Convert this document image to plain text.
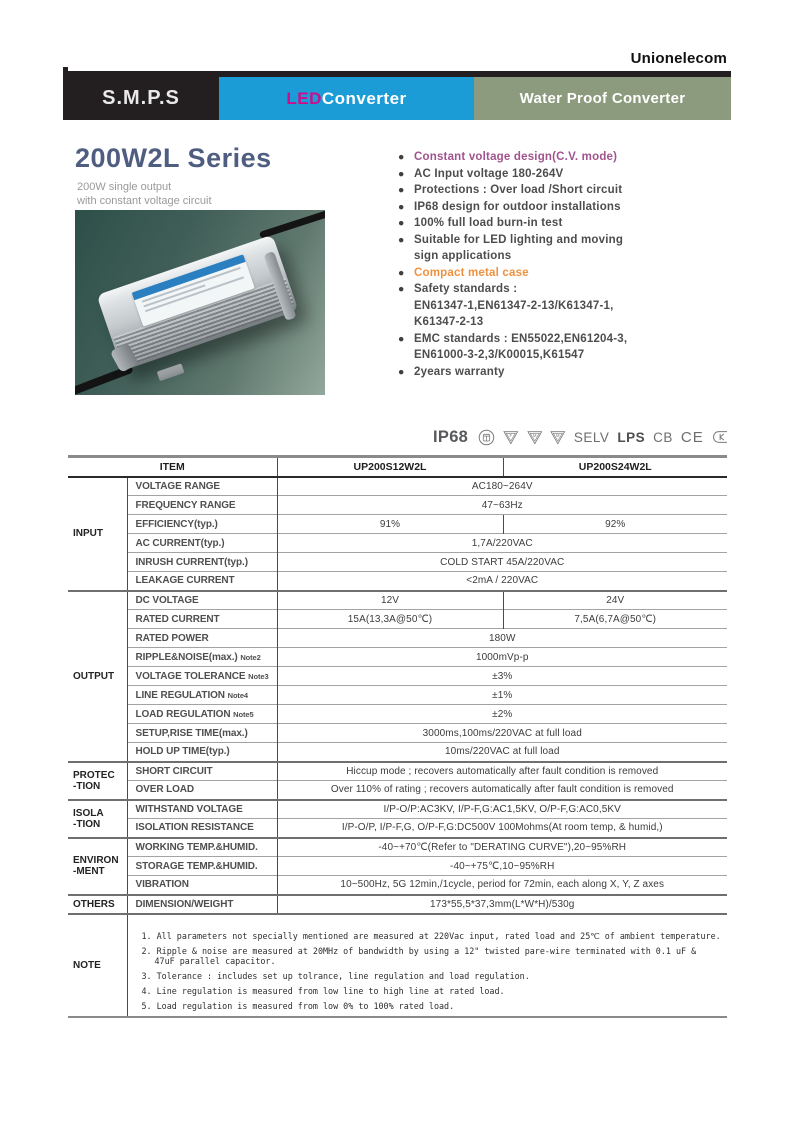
Unionelecom
S.M.P.S	LED Converter	Water Proof Converter
200W2L Series
200W single output
with constant voltage circuit
● Constant voltage design(C.V. mode)
● AC Input voltage 180-264V
● Protections : Over load /Short circuit
● IP68 design for outdoor installations
● 100% full load burn-in test
● Suitable for LED lighting and moving
sign applications
● Compact metal case
● Safety standards :
EN61347-1,EN61347-2-13/K61347-1,
K61347-2-13
● EMC standards : EN55022,EN61204-3,
EN61000-3-2,3/K00015,K61547
● 2years warranty
IP68	F	M	M SELV LPS CB CE
ITEM		UP200S12W2L	UP200S24W2L
INPUT	VOLTAGE RANGE	AC180~264V	
	FREQUENCY RANGE	47~63Hz	
	EFFICIENCY(typ.)	91%	92%
	AC CURRENT(typ.)	1,7A/220VAC	
	INRUSH CURRENT(typ.)	COLD START 45A/220VAC	
	LEAKAGE CURRENT	<2mA / 220VAC	
OUTPUT	DC VOLTAGE	12V	24V
	RATED CURRENT	15A(13,3A@50℃)	7,5A(6,7A@50℃)
	RATED POWER	180W	
	RIPPLE&NOISE(max.) Note2	1000mVp-p	
	VOLTAGE TOLERANCE Note3	±3%	
	LINE REGULATION Note4	±1%	
	LOAD REGULATION Note5	±2%	
	SETUP,RISE TIME(max.)	3000ms,100ms/220VAC at full load	
	HOLD UP TIME(typ.)	10ms/220VAC at full load	
PROTEC
-TION	SHORT CIRCUIT	Hiccup mode ; recovers automatically after fault condition is removed	
	OVER LOAD	Over 110% of rating ; recovers automatically after fault condition is removed	
ISOLA
-TION	WITHSTAND VOLTAGE	I/P-O/P:AC3KV, I/P-F,G:AC1,5KV, O/P-F,G:AC0,5KV	
	ISOLATION RESISTANCE	I/P-O/P, I/P-F,G, O/P-F,G:DC500V 100Mohms(At room temp, & humid,)	
ENVIRON
-MENT	WORKING TEMP.&HUMID.	-40~+70℃(Refer to "DERATING CURVE"),20~95%RH	
	STORAGE TEMP.&HUMID.	-40~+75℃,10~95%RH	
	VIBRATION	10~500Hz, 5G 12min,/1cycle, period for 72min, each along X, Y, Z axes	
OTHERS	DIMENSION/WEIGHT	173*55,5*37,3mm(L*W*H)/530g	
NOTE	1. All parameters not specially mentioned are measured at 220Vac input, rated load and 25℃ of ambient temperature.
2. Ripple & noise are measured at 20MHz of bandwidth by using a 12" twisted pare-wire terminated with 0.1 uF & 47uF parallel capacitor.
3. Tolerance : includes set up tolrance, line regulation and load regulation.
4. Line regulation is measured from low line to high line at rated load.
5. Load regulation is measured from low 0% to 100% rated load.		
